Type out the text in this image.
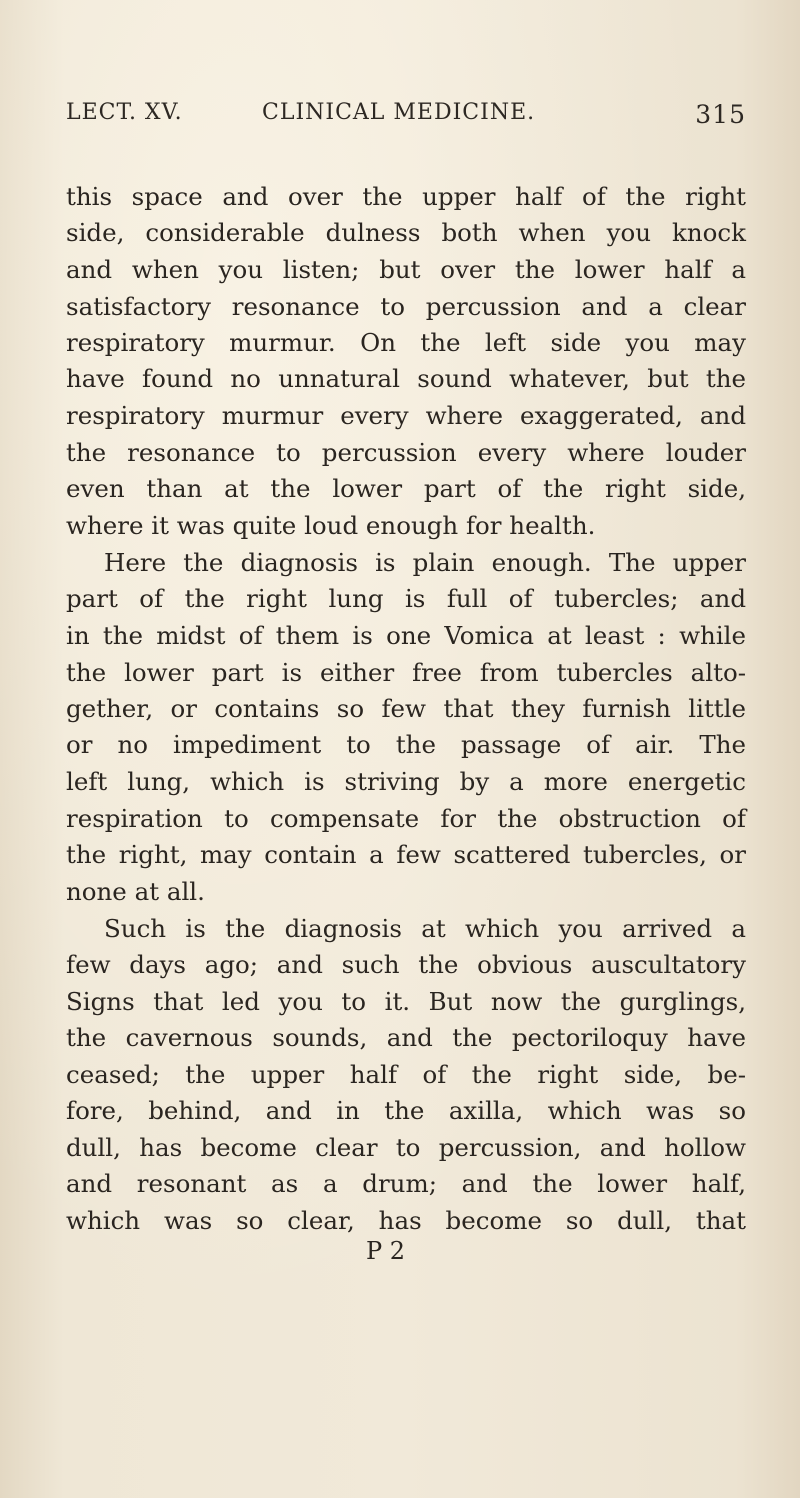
LECT. XV.	CLINICAL MEDICINE.	315
this space and over the upper half of the right
side, considerable dulness both when you knock
and when you listen; but over the lower half a
satisfactory resonance to percussion and a clear
respiratory murmur. On the left side you may
have found no unnatural sound whatever, but the
respiratory murmur every where exaggerated, and
the resonance to percussion every where louder
even than at the lower part of the right side,
where it was quite loud enough for health.
Here the diagnosis is plain enough. The upper
part of the right lung is full of tubercles; and
in the midst of them is one Vomica at least : while
the lower part is either free from tubercles alto-
gether, or contains so few that they furnish little
or no impediment to the passage of air. The
left lung, which is striving by a more energetic
respiration to compensate for the obstruction of
the right, may contain a few scattered tubercles, or
none at all.
Such is the diagnosis at which you arrived a
few days ago; and such the obvious auscultatory
Signs that led you to it. But now the gurglings,
the cavernous sounds, and the pectoriloquy have
ceased; the upper half of the right side, be-
fore, behind, and in the axilla, which was so
dull, has become clear to percussion, and hollow
and resonant as a drum; and the lower half,
which was so clear, has become so dull, that
P 2
